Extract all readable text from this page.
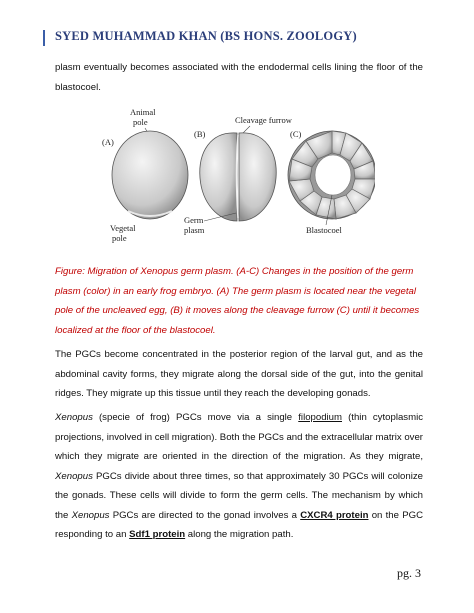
SYED MUHAMMAD KHAN (BS HONS. ZOOLOGY)
plasm eventually becomes associated with the endodermal cells lining the floor of the blastocoel.
(A)
Animal
pole
Vegetal
pole
(B)
Cleavage furrow
Germ
plasm
(C)
Blastocoel
Figure: Migration of Xenopus germ plasm. (A-C) Changes in the position of the germ plasm (color) in an early frog embryo. (A) The germ plasm is located near the vegetal pole of the uncleaved egg, (B) it moves along the cleavage furrow (C) until it becomes localized at the floor of the blastocoel.
The PGCs become concentrated in the posterior region of the larval gut, and as the abdominal cavity forms, they migrate along the dorsal side of the gut, into the genital ridges. They migrate up this tissue until they reach the developing gonads.
Xenopus (specie of frog) PGCs move via a single filopodium (thin cytoplasmic projections, involved in cell migration). Both the PGCs and the extracellular matrix over which they migrate are oriented in the direction of the migration. As they migrate, Xenopus PGCs divide about three times, so that approximately 30 PGCs will colonize the gonads. These cells will divide to form the germ cells. The mechanism by which the Xenopus PGCs are directed to the gonad involves a CXCR4 protein on the PGC responding to an Sdf1 protein along the migration path.
pg. 3
